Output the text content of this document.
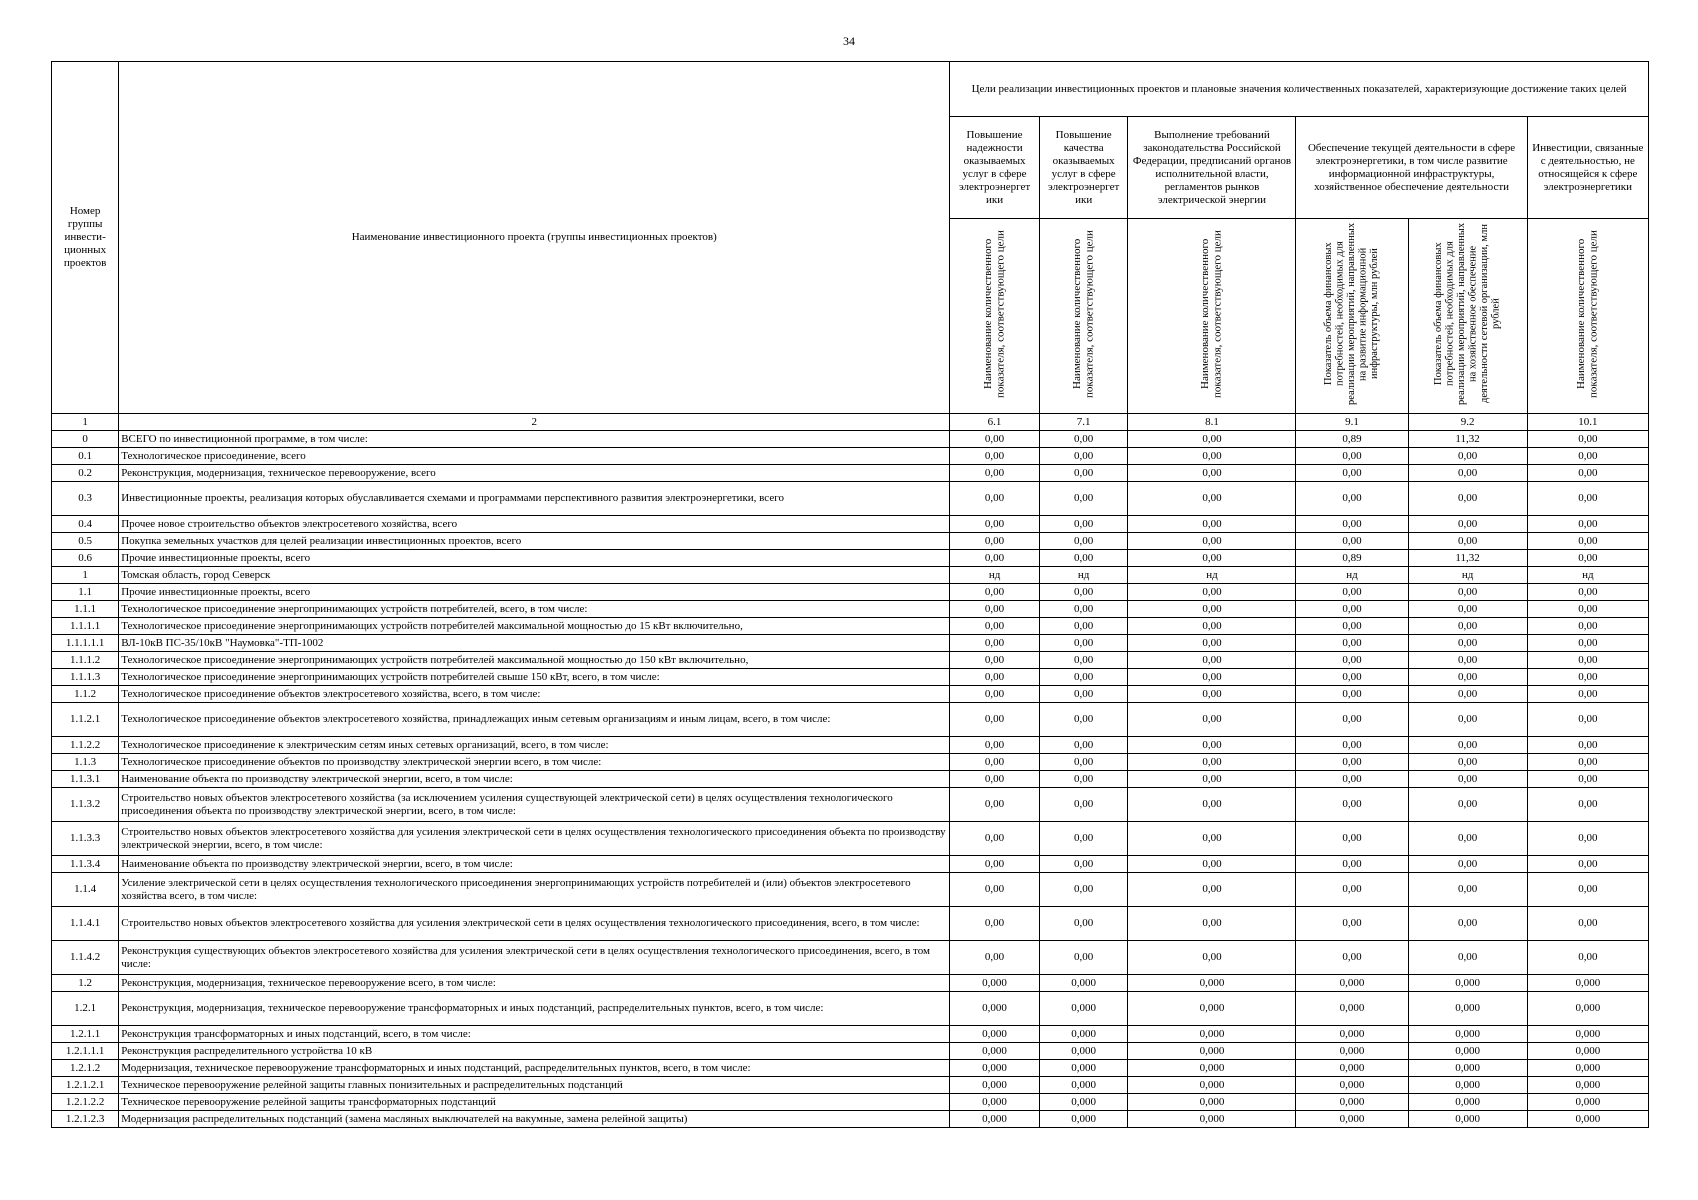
34
Номер группы инвести-ционных проектов	Наименование инвестиционного проекта (группы инвестиционных проектов)	Цели реализации инвестиционных проектов и плановые значения количественных показателей, характеризующие достижение таких целей					
		Повышение надежности оказываемых услуг в сфере электроэнергет ики	Повышение качества оказываемых услуг в сфере электроэнергет ики	Выполнение требований законодательства Российской Федерации, предписаний органов исполнительной власти, регламентов рынков электрической энергии	Обеспечение текущей деятельности в сфере электроэнергетики, в том числе развитие информационной инфраструктуры, хозяйственное обеспечение деятельности		Инвестиции, связанные с деятельностью, не относящейся к сфере электроэнергетики
		Наименование количественного показателя, соответствующего цели	Наименование количественного показателя, соответствующего цели	Наименование количественного показателя, соответствующего цели	Показатель объема финансовых потребностей, необходимых для реализации мероприятий, направленных на развитие информационной инфраструктуры, млн рублей	Показатель объема финансовых потребностей, необходимых для реализации мероприятий, направленных на хозяйственное обеспечение деятельности сетевой организации, млн рублей	Наименование количественного показателя, соответствующего цели
1	2	6.1	7.1	8.1	9.1	9.2	10.1
0	ВСЕГО по инвестиционной программе, в том числе:	0,00	0,00	0,00	0,89	11,32	0,00
0.1	Технологическое присоединение, всего	0,00	0,00	0,00	0,00	0,00	0,00
0.2	Реконструкция, модернизация, техническое перевооружение, всего	0,00	0,00	0,00	0,00	0,00	0,00
0.3	Инвестиционные проекты, реализация которых обуславливается схемами и программами перспективного развития электроэнергетики, всего	0,00	0,00	0,00	0,00	0,00	0,00
0.4	Прочее новое строительство объектов электросетевого хозяйства, всего	0,00	0,00	0,00	0,00	0,00	0,00
0.5	Покупка земельных участков для целей реализации инвестиционных проектов, всего	0,00	0,00	0,00	0,00	0,00	0,00
0.6	Прочие инвестиционные проекты, всего	0,00	0,00	0,00	0,89	11,32	0,00
1	Томская область, город Северск	нд	нд	нд	нд	нд	нд
1.1	Прочие инвестиционные проекты, всего	0,00	0,00	0,00	0,00	0,00	0,00
1.1.1	Технологическое присоединение энергопринимающих устройств потребителей, всего, в том числе:	0,00	0,00	0,00	0,00	0,00	0,00
1.1.1.1	Технологическое присоединение энергопринимающих устройств потребителей максимальной мощностью до 15 кВт включительно,	0,00	0,00	0,00	0,00	0,00	0,00
1.1.1.1.1	ВЛ-10кВ ПС-35/10кВ "Наумовка"-ТП-1002	0,00	0,00	0,00	0,00	0,00	0,00
1.1.1.2	Технологическое присоединение энергопринимающих устройств потребителей максимальной мощностью до 150 кВт включительно,	0,00	0,00	0,00	0,00	0,00	0,00
1.1.1.3	Технологическое присоединение энергопринимающих устройств потребителей свыше 150 кВт, всего, в том числе:	0,00	0,00	0,00	0,00	0,00	0,00
1.1.2	Технологическое присоединение объектов электросетевого хозяйства, всего, в том числе:	0,00	0,00	0,00	0,00	0,00	0,00
1.1.2.1	Технологическое присоединение объектов электросетевого хозяйства, принадлежащих иным сетевым организациям и иным лицам, всего, в том числе:	0,00	0,00	0,00	0,00	0,00	0,00
1.1.2.2	Технологическое присоединение к электрическим сетям иных сетевых организаций, всего, в том числе:	0,00	0,00	0,00	0,00	0,00	0,00
1.1.3	Технологическое присоединение объектов по производству электрической энергии всего, в том числе:	0,00	0,00	0,00	0,00	0,00	0,00
1.1.3.1	Наименование объекта по производству электрической энергии, всего, в том числе:	0,00	0,00	0,00	0,00	0,00	0,00
1.1.3.2	Строительство новых объектов электросетевого хозяйства (за исключением усиления существующей электрической сети) в целях осуществления технологического присоединения объекта по производству электрической энергии, всего, в том числе:	0,00	0,00	0,00	0,00	0,00	0,00
1.1.3.3	Строительство новых объектов электросетевого хозяйства для усиления электрической сети в целях осуществления технологического присоединения объекта по производству электрической энергии, всего, в том числе:	0,00	0,00	0,00	0,00	0,00	0,00
1.1.3.4	Наименование объекта по производству электрической энергии, всего, в том числе:	0,00	0,00	0,00	0,00	0,00	0,00
1.1.4	Усиление электрической сети в целях осуществления технологического присоединения энергопринимающих устройств потребителей и (или) объектов электросетевого хозяйства всего, в том числе:	0,00	0,00	0,00	0,00	0,00	0,00
1.1.4.1	Строительство новых объектов электросетевого хозяйства для усиления электрической сети в целях осуществления технологического присоединения, всего, в том числе:	0,00	0,00	0,00	0,00	0,00	0,00
1.1.4.2	Реконструкция существующих объектов электросетевого хозяйства для усиления электрической сети в целях осуществления технологического присоединения, всего, в том числе:	0,00	0,00	0,00	0,00	0,00	0,00
1.2	Реконструкция, модернизация, техническое перевооружение всего, в том числе:	0,000	0,000	0,000	0,000	0,000	0,000
1.2.1	Реконструкция, модернизация, техническое перевооружение трансформаторных и иных подстанций, распределительных пунктов, всего, в том числе:	0,000	0,000	0,000	0,000	0,000	0,000
1.2.1.1	Реконструкция трансформаторных и иных подстанций, всего, в том числе:	0,000	0,000	0,000	0,000	0,000	0,000
1.2.1.1.1	Реконструкция распределительного устройства 10 кВ	0,000	0,000	0,000	0,000	0,000	0,000
1.2.1.2	Модернизация, техническое перевооружение трансформаторных и иных подстанций, распределительных пунктов, всего, в том числе:	0,000	0,000	0,000	0,000	0,000	0,000
1.2.1.2.1	Техническое перевооружение релейной защиты главных понизительных и распределительных подстанций	0,000	0,000	0,000	0,000	0,000	0,000
1.2.1.2.2	Техническое перевооружение релейной защиты трансформаторных подстанций	0,000	0,000	0,000	0,000	0,000	0,000
1.2.1.2.3	Модернизация распределительных подстанций (замена масляных выключателей на вакумные, замена релейной защиты)	0,000	0,000	0,000	0,000	0,000	0,000
